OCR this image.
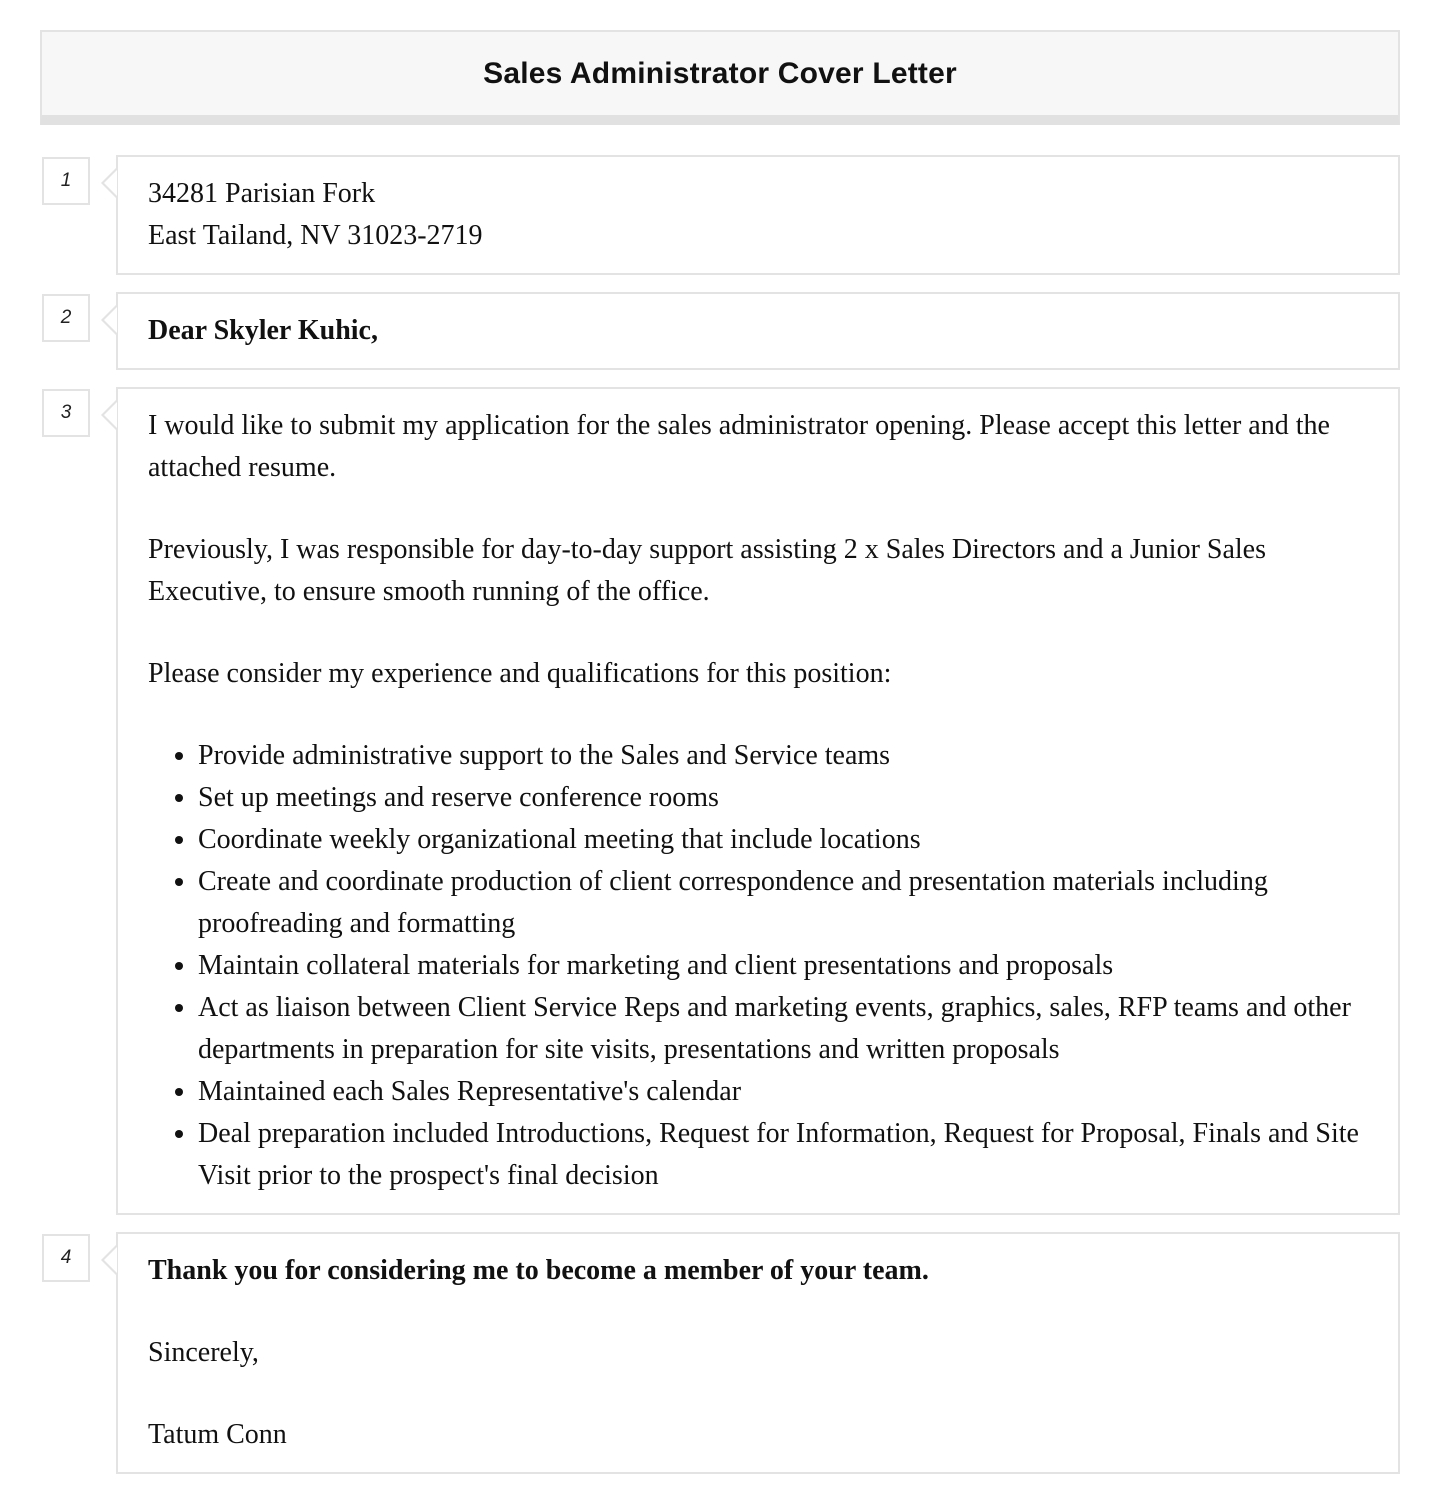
Sales Administrator Cover Letter
1	34281 Parisian Fork
East Tailand, NV 31023-2719
2	Dear Skyler Kuhic,
3	I would like to submit my application for the sales administrator opening. Please accept this letter and the attached resume.

Previously, I was responsible for day-to-day support assisting 2 x Sales Directors and a Junior Sales Executive, to ensure smooth running of the office.

Please consider my experience and qualifications for this position:

• Provide administrative support to the Sales and Service teams
• Set up meetings and reserve conference rooms
• Coordinate weekly organizational meeting that include locations
• Create and coordinate production of client correspondence and presentation materials including proofreading and formatting
• Maintain collateral materials for marketing and client presentations and proposals
• Act as liaison between Client Service Reps and marketing events, graphics, sales, RFP teams and other departments in preparation for site visits, presentations and written proposals
• Maintained each Sales Representative's calendar
• Deal preparation included Introductions, Request for Information, Request for Proposal, Finals and Site Visit prior to the prospect's final decision
4	Thank you for considering me to become a member of your team.

Sincerely,

Tatum Conn
